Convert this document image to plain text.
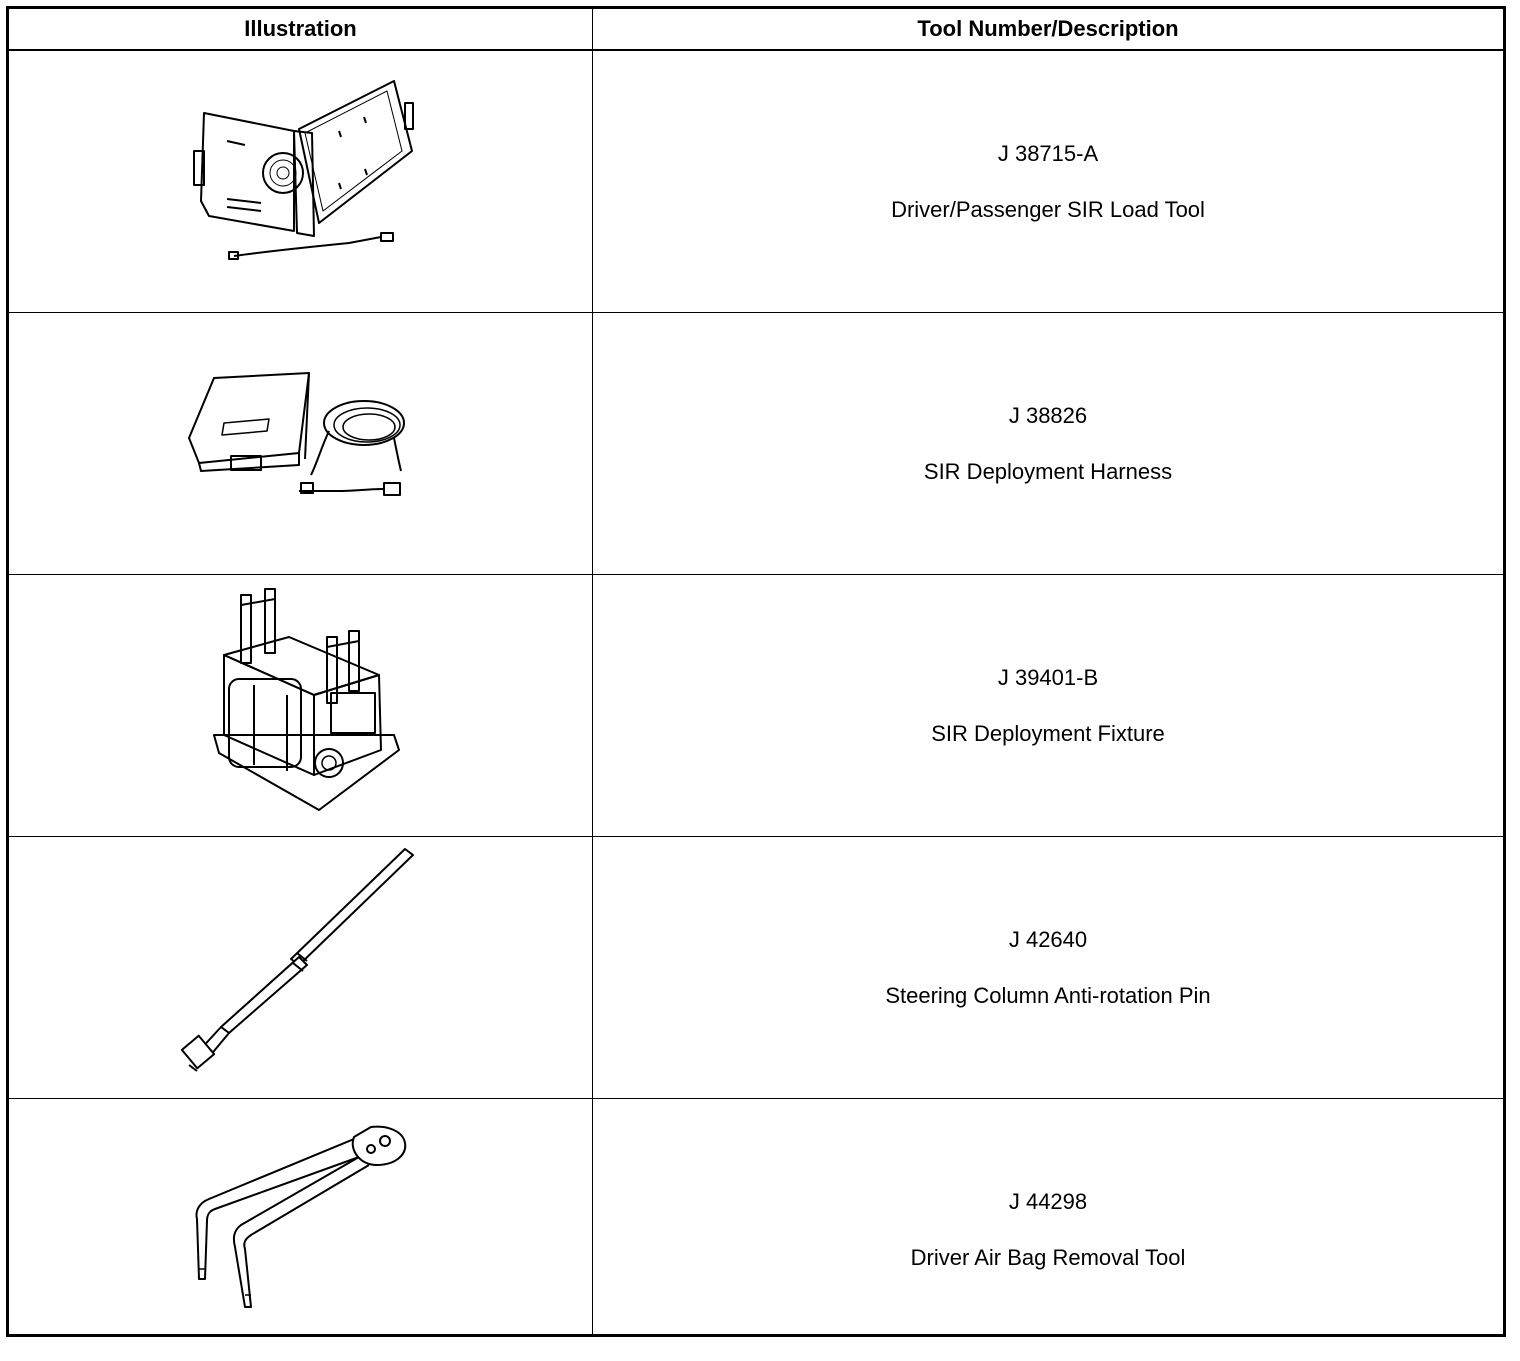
Illustration	Tool Number/Description
J 38715-A
Driver/Passenger SIR Load Tool
J 38826
SIR Deployment Harness
J 39401-B
SIR Deployment Fixture
J 42640
Steering Column Anti-rotation Pin
J 44298
Driver Air Bag Removal Tool
